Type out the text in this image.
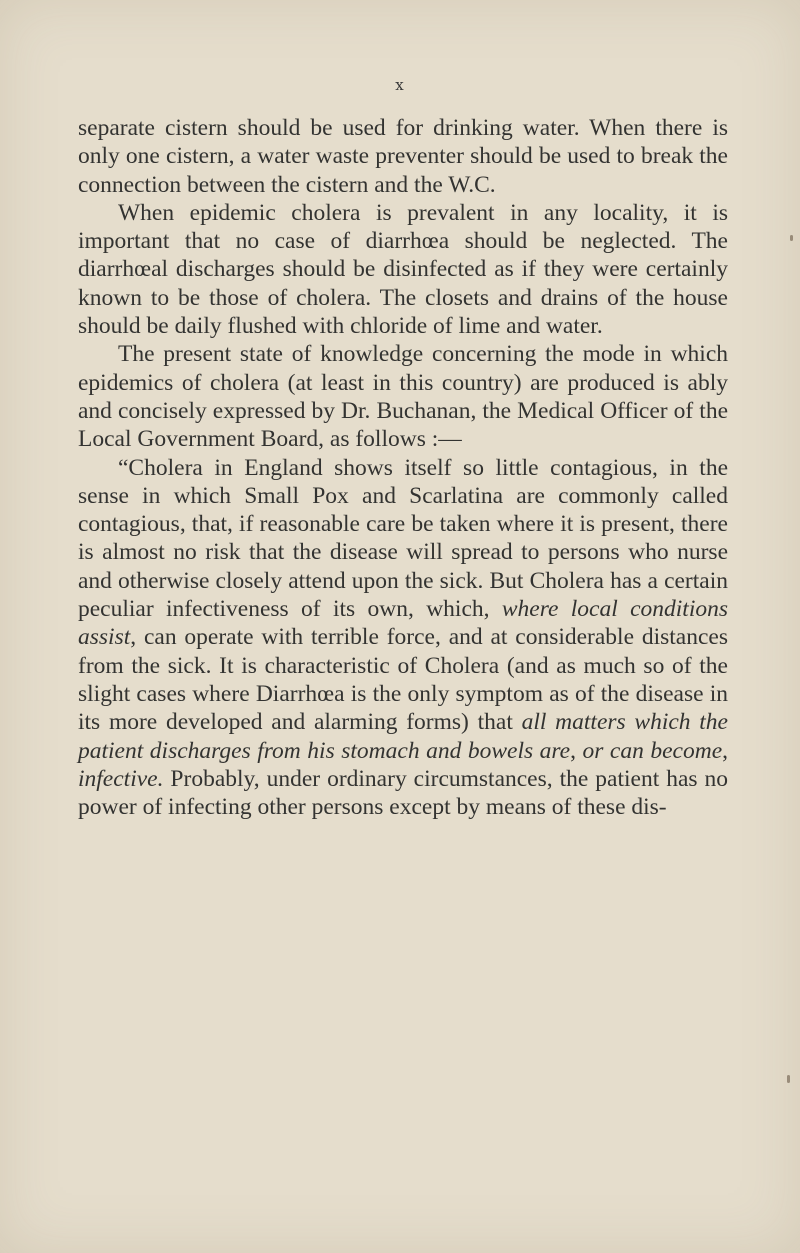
x

separate cistern should be used for drinking water. When there is only one cistern, a water waste preventer should be used to break the connection between the cistern and the W.C.

When epidemic cholera is prevalent in any locality, it is important that no case of diarrhœa should be neglected. The diarrhœal discharges should be disinfected as if they were certainly known to be those of cholera. The closets and drains of the house should be daily flushed with chloride of lime and water.

The present state of knowledge concerning the mode in which epidemics of cholera (at least in this country) are produced is ably and concisely expressed by Dr. Buchanan, the Medical Officer of the Local Government Board, as follows :—

“Cholera in England shows itself so little contagious, in the sense in which Small Pox and Scarlatina are commonly called contagious, that, if reasonable care be taken where it is present, there is almost no risk that the disease will spread to persons who nurse and otherwise closely attend upon the sick. But Cholera has a certain peculiar infectiveness of its own, which, where local conditions assist, can operate with terrible force, and at considerable distances from the sick. It is characteristic of Cholera (and as much so of the slight cases where Diarrhœa is the only symptom as of the disease in its more developed and alarming forms) that all matters which the patient discharges from his stomach and bowels are, or can become, infective. Probably, under ordinary circumstances, the patient has no power of infecting other persons except by means of these dis-
